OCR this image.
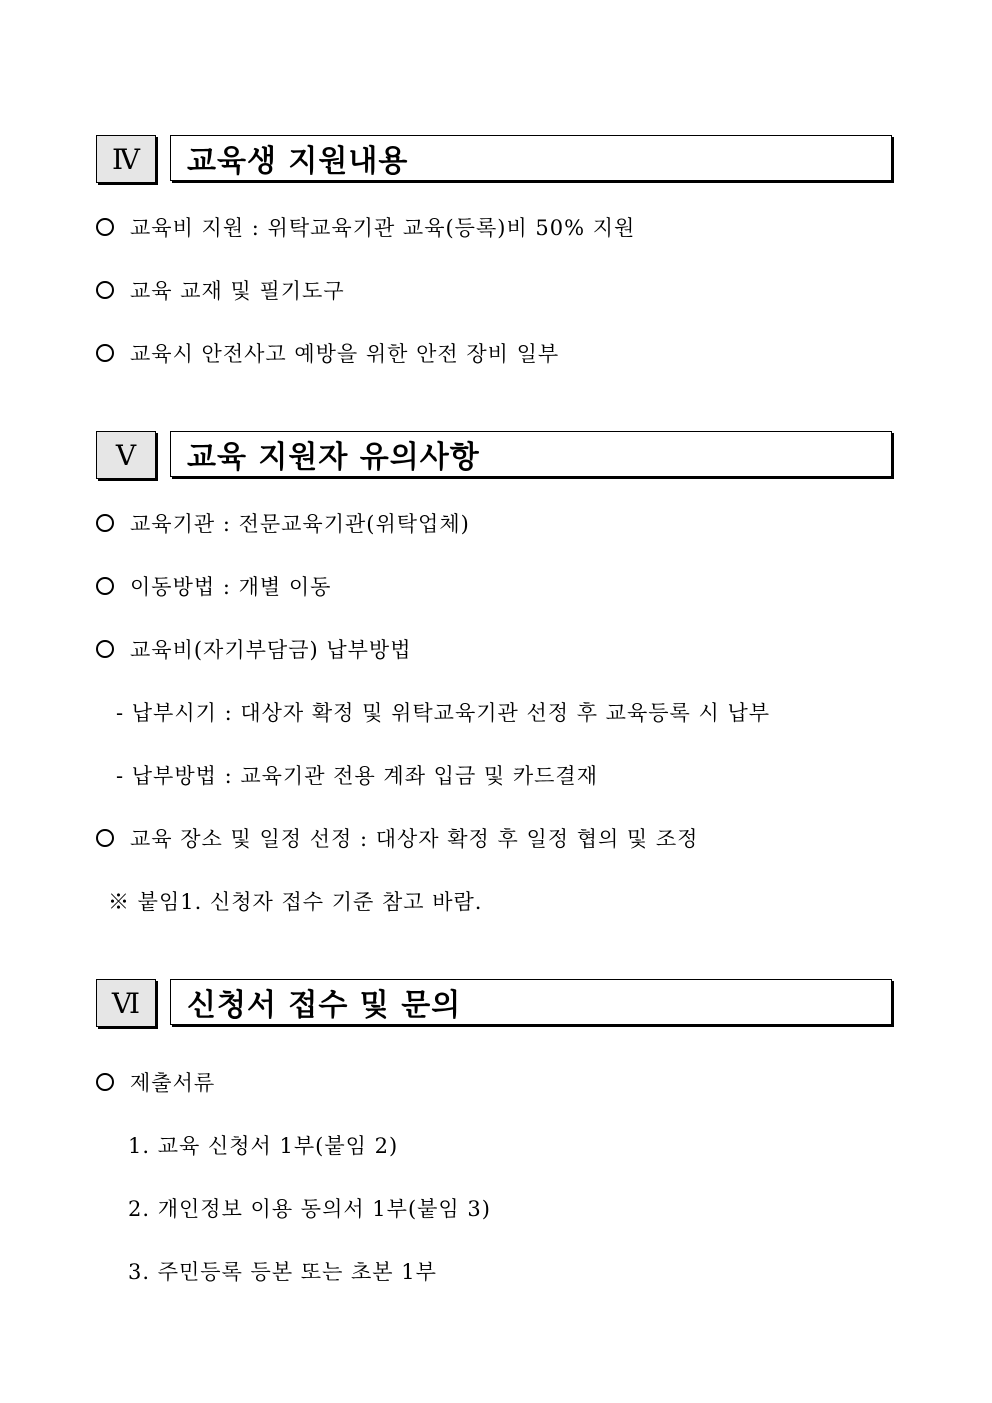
Ⅳ	교육생 지원내용
교육비 지원 : 위탁교육기관 교육(등록)비 50% 지원
교육 교재 및 필기도구
교육시 안전사고 예방을 위한 안전 장비 일부
Ⅴ	교육 지원자 유의사항
교육기관 : 전문교육기관(위탁업체)
이동방법 : 개별 이동
교육비(자기부담금) 납부방법
- 납부시기 : 대상자 확정 및 위탁교육기관 선정 후 교육등록 시 납부
- 납부방법 : 교육기관 전용 계좌 입금 및 카드결재
교육 장소 및 일정 선정 : 대상자 확정 후 일정 협의 및 조정
※ 붙임1. 신청자 접수 기준 참고 바람.
Ⅵ	신청서 접수 및 문의
제출서류
1. 교육 신청서 1부(붙임 2)
2. 개인정보 이용 동의서 1부(붙임 3)
3. 주민등록 등본 또는 초본 1부
